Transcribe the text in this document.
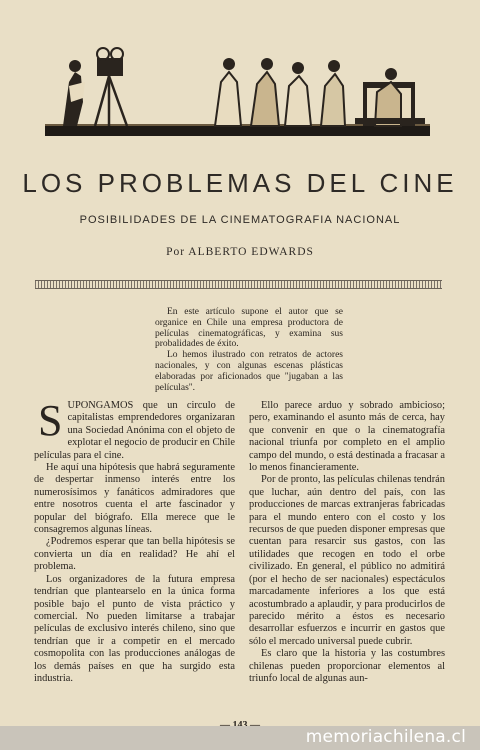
LOS PROBLEMAS DEL CINE
POSIBILIDADES DE LA CINEMATOGRAFIA NACIONAL
Por ALBERTO EDWARDS

En este artículo supone el autor que se organice en Chile una empresa productora de películas cinematográficas, y examina sus probalidades de éxito.

Lo hemos ilustrado con retratos de actores nacionales, y con algunas escenas plásticas elaboradas por aficionados que "jugaban a las películas".

SUPONGAMOS que un circulo de capitalistas emprendedores organizaran una Sociedad Anónima con el objeto de explotar el negocio de producir en Chile películas para el cine.

He aquí una hipótesis que habrá seguramente de despertar inmenso interés entre los numerosísimos y fanáticos admiradores que entre nosotros cuenta el arte fascinador y popular del biógrafo. Ella merece que le consagremos algunas líneas.

¿Podremos esperar que tan bella hipótesis se convierta un día en realidad? He ahí el problema.

Los organizadores de la futura empresa tendrían que plantearselo en la única forma posible bajo el punto de vista práctico y comercial. No pueden limitarse a trabajar películas de exclusivo interés chileno, sino que tendrían que ir a competir en el mercado cosmopolita con las producciones análogas de los demás países en que ha surgido esta industria.

Ello parece arduo y sobrado ambicioso; pero, examinando el asunto más de cerca, hay que convenir en que o la cinematografía nacional triunfa por completo en el amplio campo del mundo, o está destinada a fracasar a lo menos financieramente.

Por de pronto, las películas chilenas tendrán que luchar, aún dentro del país, con las producciones de marcas extranjeras fabricadas para el mundo entero con el costo y los recursos de que pueden disponer empresas que cuentan para resarcir sus gastos, con las utilidades que recogen en todo el orbe civilizado. En general, el público no admitirá (por el hecho de ser nacionales) espectáculos marcadamente inferiores a los que está acostumbrado a aplaudir, y para producirlos de parecido mérito a éstos es necesario desarrollar esfuerzos e incurrir en gastos que sólo el mercado universal puede cubrir.

Es claro que la historia y las costumbres chilenas pueden proporcionar elementos al triunfo local de algunas aun-

memoriachilena.cl
